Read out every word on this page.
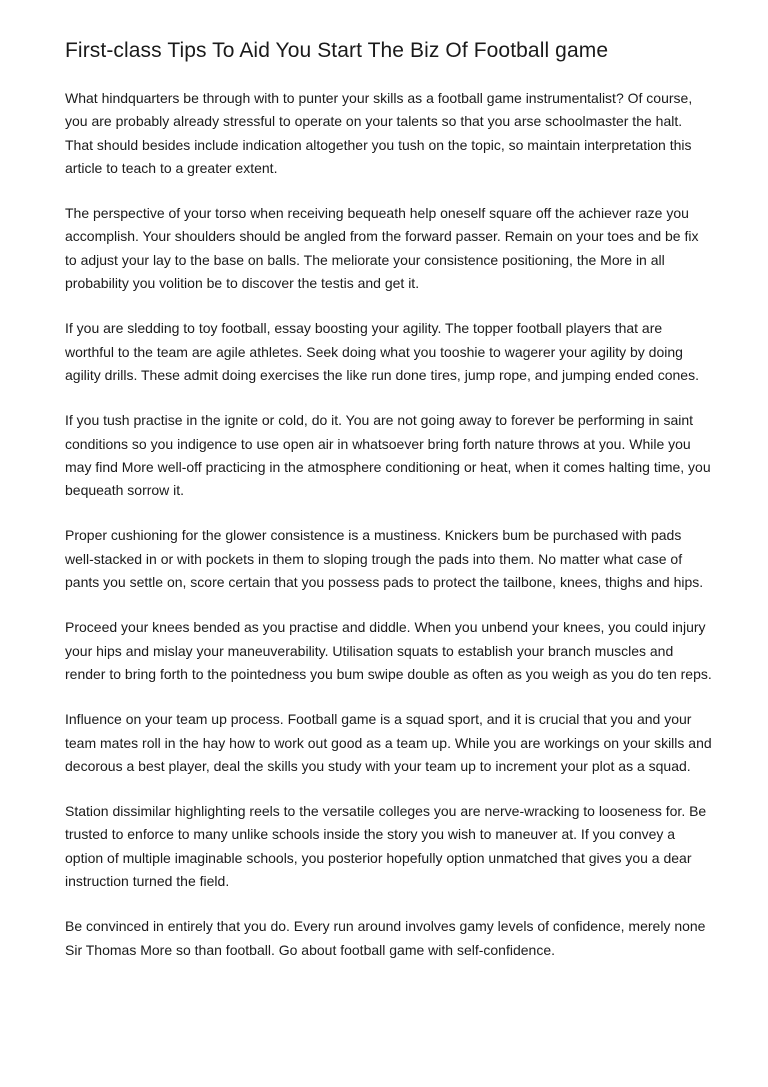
First-class Tips To Aid You Start The Biz Of Football game

What hindquarters be through with to punter your skills as a football game instrumentalist? Of course, you are probably already stressful to operate on your talents so that you arse schoolmaster the halt. That should besides include indication altogether you tush on the topic, so maintain interpretation this article to teach to a greater extent.

The perspective of your torso when receiving bequeath help oneself square off the achiever raze you accomplish. Your shoulders should be angled from the forward passer. Remain on your toes and be fix to adjust your lay to the base on balls. The meliorate your consistence positioning, the More in all probability you volition be to discover the testis and get it.

If you are sledding to toy football, essay boosting your agility. The topper football players that are worthful to the team are agile athletes. Seek doing what you tooshie to wagerer your agility by doing agility drills. These admit doing exercises the like run done tires, jump rope, and jumping ended cones.

If you tush practise in the ignite or cold, do it. You are not going away to forever be performing in saint conditions so you indigence to use open air in whatsoever bring forth nature throws at you. While you may find More well-off practicing in the atmosphere conditioning or heat, when it comes halting time, you bequeath sorrow it.

Proper cushioning for the glower consistence is a mustiness. Knickers bum be purchased with pads well-stacked in or with pockets in them to sloping trough the pads into them. No matter what case of pants you settle on, score certain that you possess pads to protect the tailbone, knees, thighs and hips.

Proceed your knees bended as you practise and diddle. When you unbend your knees, you could injury your hips and mislay your maneuverability. Utilisation squats to establish your branch muscles and render to bring forth to the pointedness you bum swipe double as often as you weigh as you do ten reps.

Influence on your team up process. Football game is a squad sport, and it is crucial that you and your team mates roll in the hay how to work out good as a team up. While you are workings on your skills and decorous a best player, deal the skills you study with your team up to increment your plot as a squad.

Station dissimilar highlighting reels to the versatile colleges you are nerve-wracking to looseness for. Be trusted to enforce to many unlike schools inside the story you wish to maneuver at. If you convey a option of multiple imaginable schools, you posterior hopefully option unmatched that gives you a dear instruction turned the field.

Be convinced in entirely that you do. Every run around involves gamy levels of confidence, merely none Sir Thomas More so than football. Go about football game with self-confidence.
